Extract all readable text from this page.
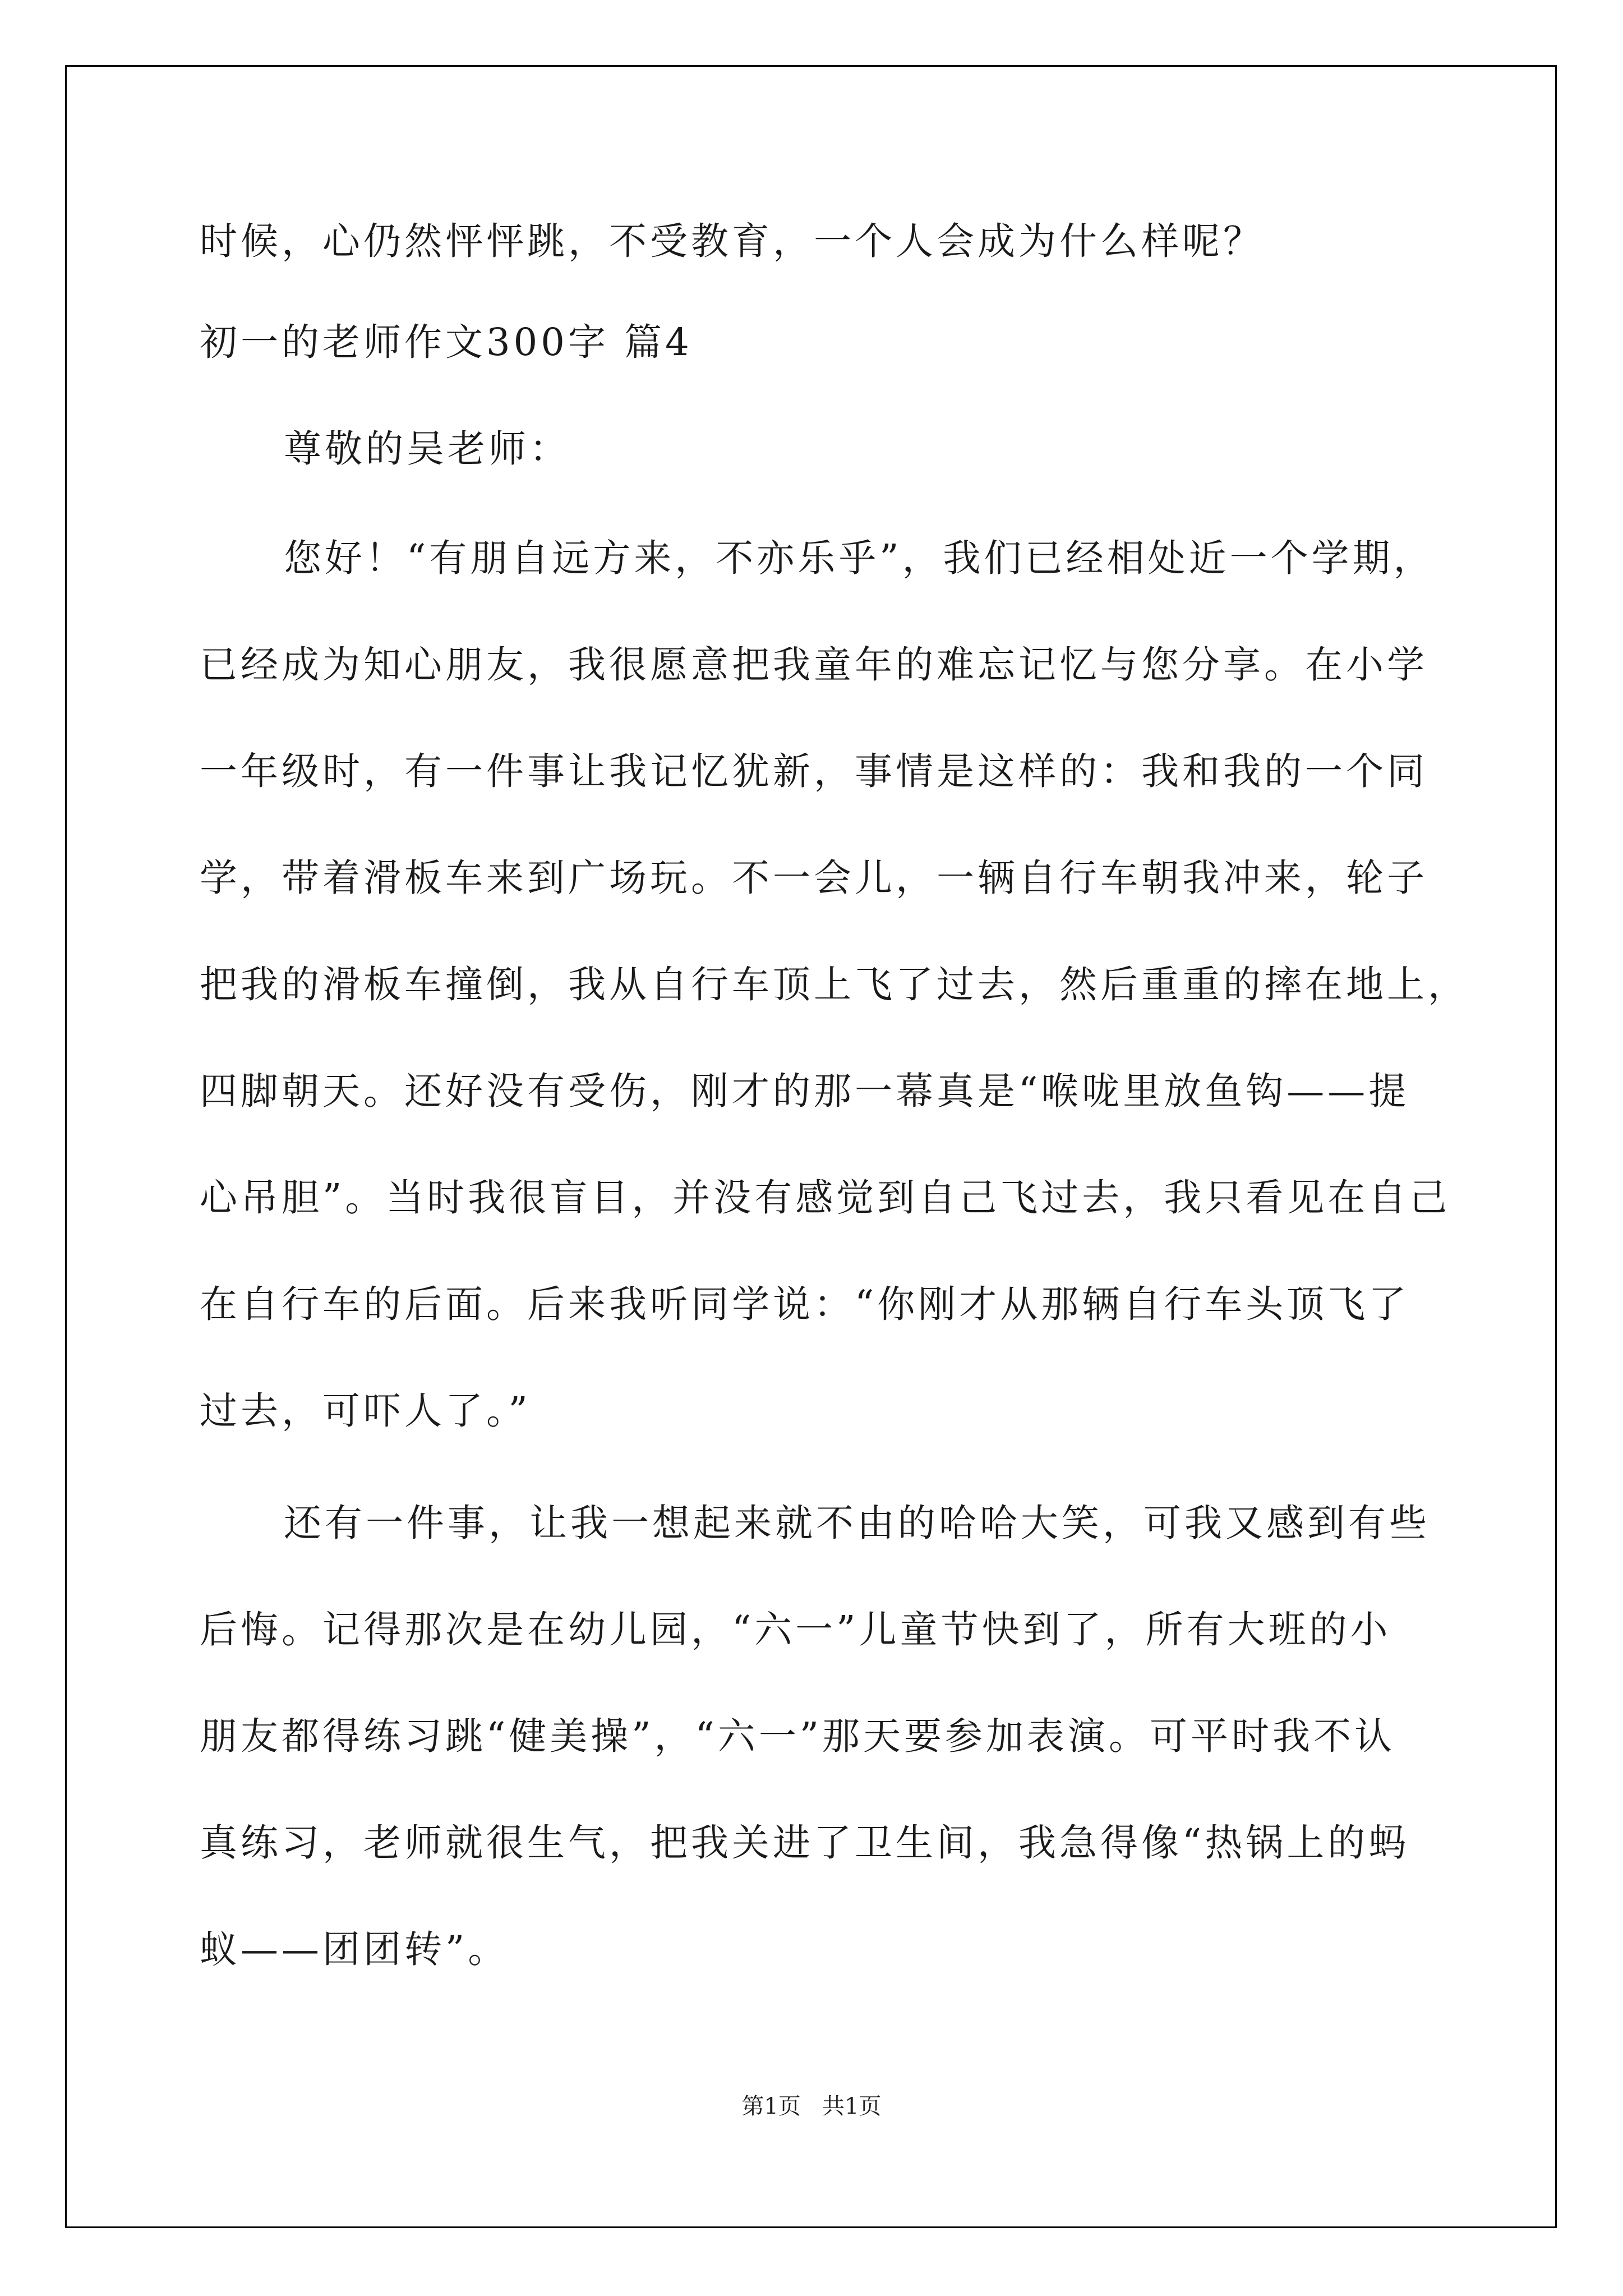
时候，心仍然怦怦跳，不受教育，一个人会成为什么样呢？
初一的老师作文300字 篇4
尊敬的吴老师：
您好！“有朋自远方来，不亦乐乎”，我们已经相处近一个学期，
已经成为知心朋友，我很愿意把我童年的难忘记忆与您分享。在小学
一年级时，有一件事让我记忆犹新，事情是这样的：我和我的一个同
学，带着滑板车来到广场玩。不一会儿，一辆自行车朝我冲来，轮子
把我的滑板车撞倒，我从自行车顶上飞了过去，然后重重的摔在地上，
四脚朝天。还好没有受伤，刚才的那一幕真是“喉咙里放鱼钩——提
心吊胆”。当时我很盲目，并没有感觉到自己飞过去，我只看见在自己
在自行车的后面。后来我听同学说：“你刚才从那辆自行车头顶飞了
过去，可吓人了。”
还有一件事，让我一想起来就不由的哈哈大笑，可我又感到有些
后悔。记得那次是在幼儿园，“六一”儿童节快到了，所有大班的小
朋友都得练习跳“健美操”，“六一”那天要参加表演。可平时我不认
真练习，老师就很生气，把我关进了卫生间，我急得像“热锅上的蚂
蚁——团团转”。
第1页   共1页
